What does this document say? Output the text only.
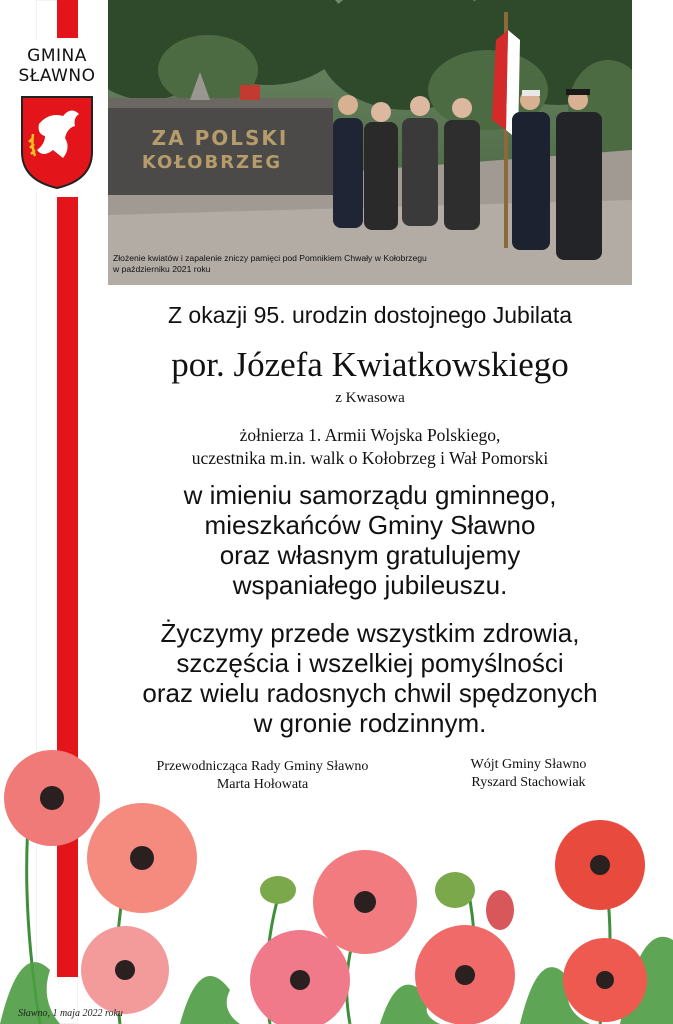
GMINA
SŁAWNO
ZA POLSKI
KOŁOBRZEG
Złożenie kwiatów i zapalenie zniczy pamięci pod Pomnikiem Chwały w Kołobrzegu
w październiku 2021 roku
Z okazji 95. urodzin dostojnego Jubilata
por. Józefa Kwiatkowskiego
z Kwasowa
żołnierza 1. Armii Wojska Polskiego,
uczestnika m.in. walk o Kołobrzeg i Wał Pomorski
w imieniu samorządu gminnego,
mieszkańców Gminy Sławno
oraz własnym gratulujemy
wspaniałego jubileuszu.
Życzymy przede wszystkim zdrowia,
szczęścia i wszelkiej pomyślności
oraz wielu radosnych chwil spędzonych
w gronie rodzinnym.
Przewodnicząca Rady Gminy Sławno
Marta Hołowata
Wójt Gminy Sławno
Ryszard Stachowiak
Sławno, 1 maja 2022 roku
